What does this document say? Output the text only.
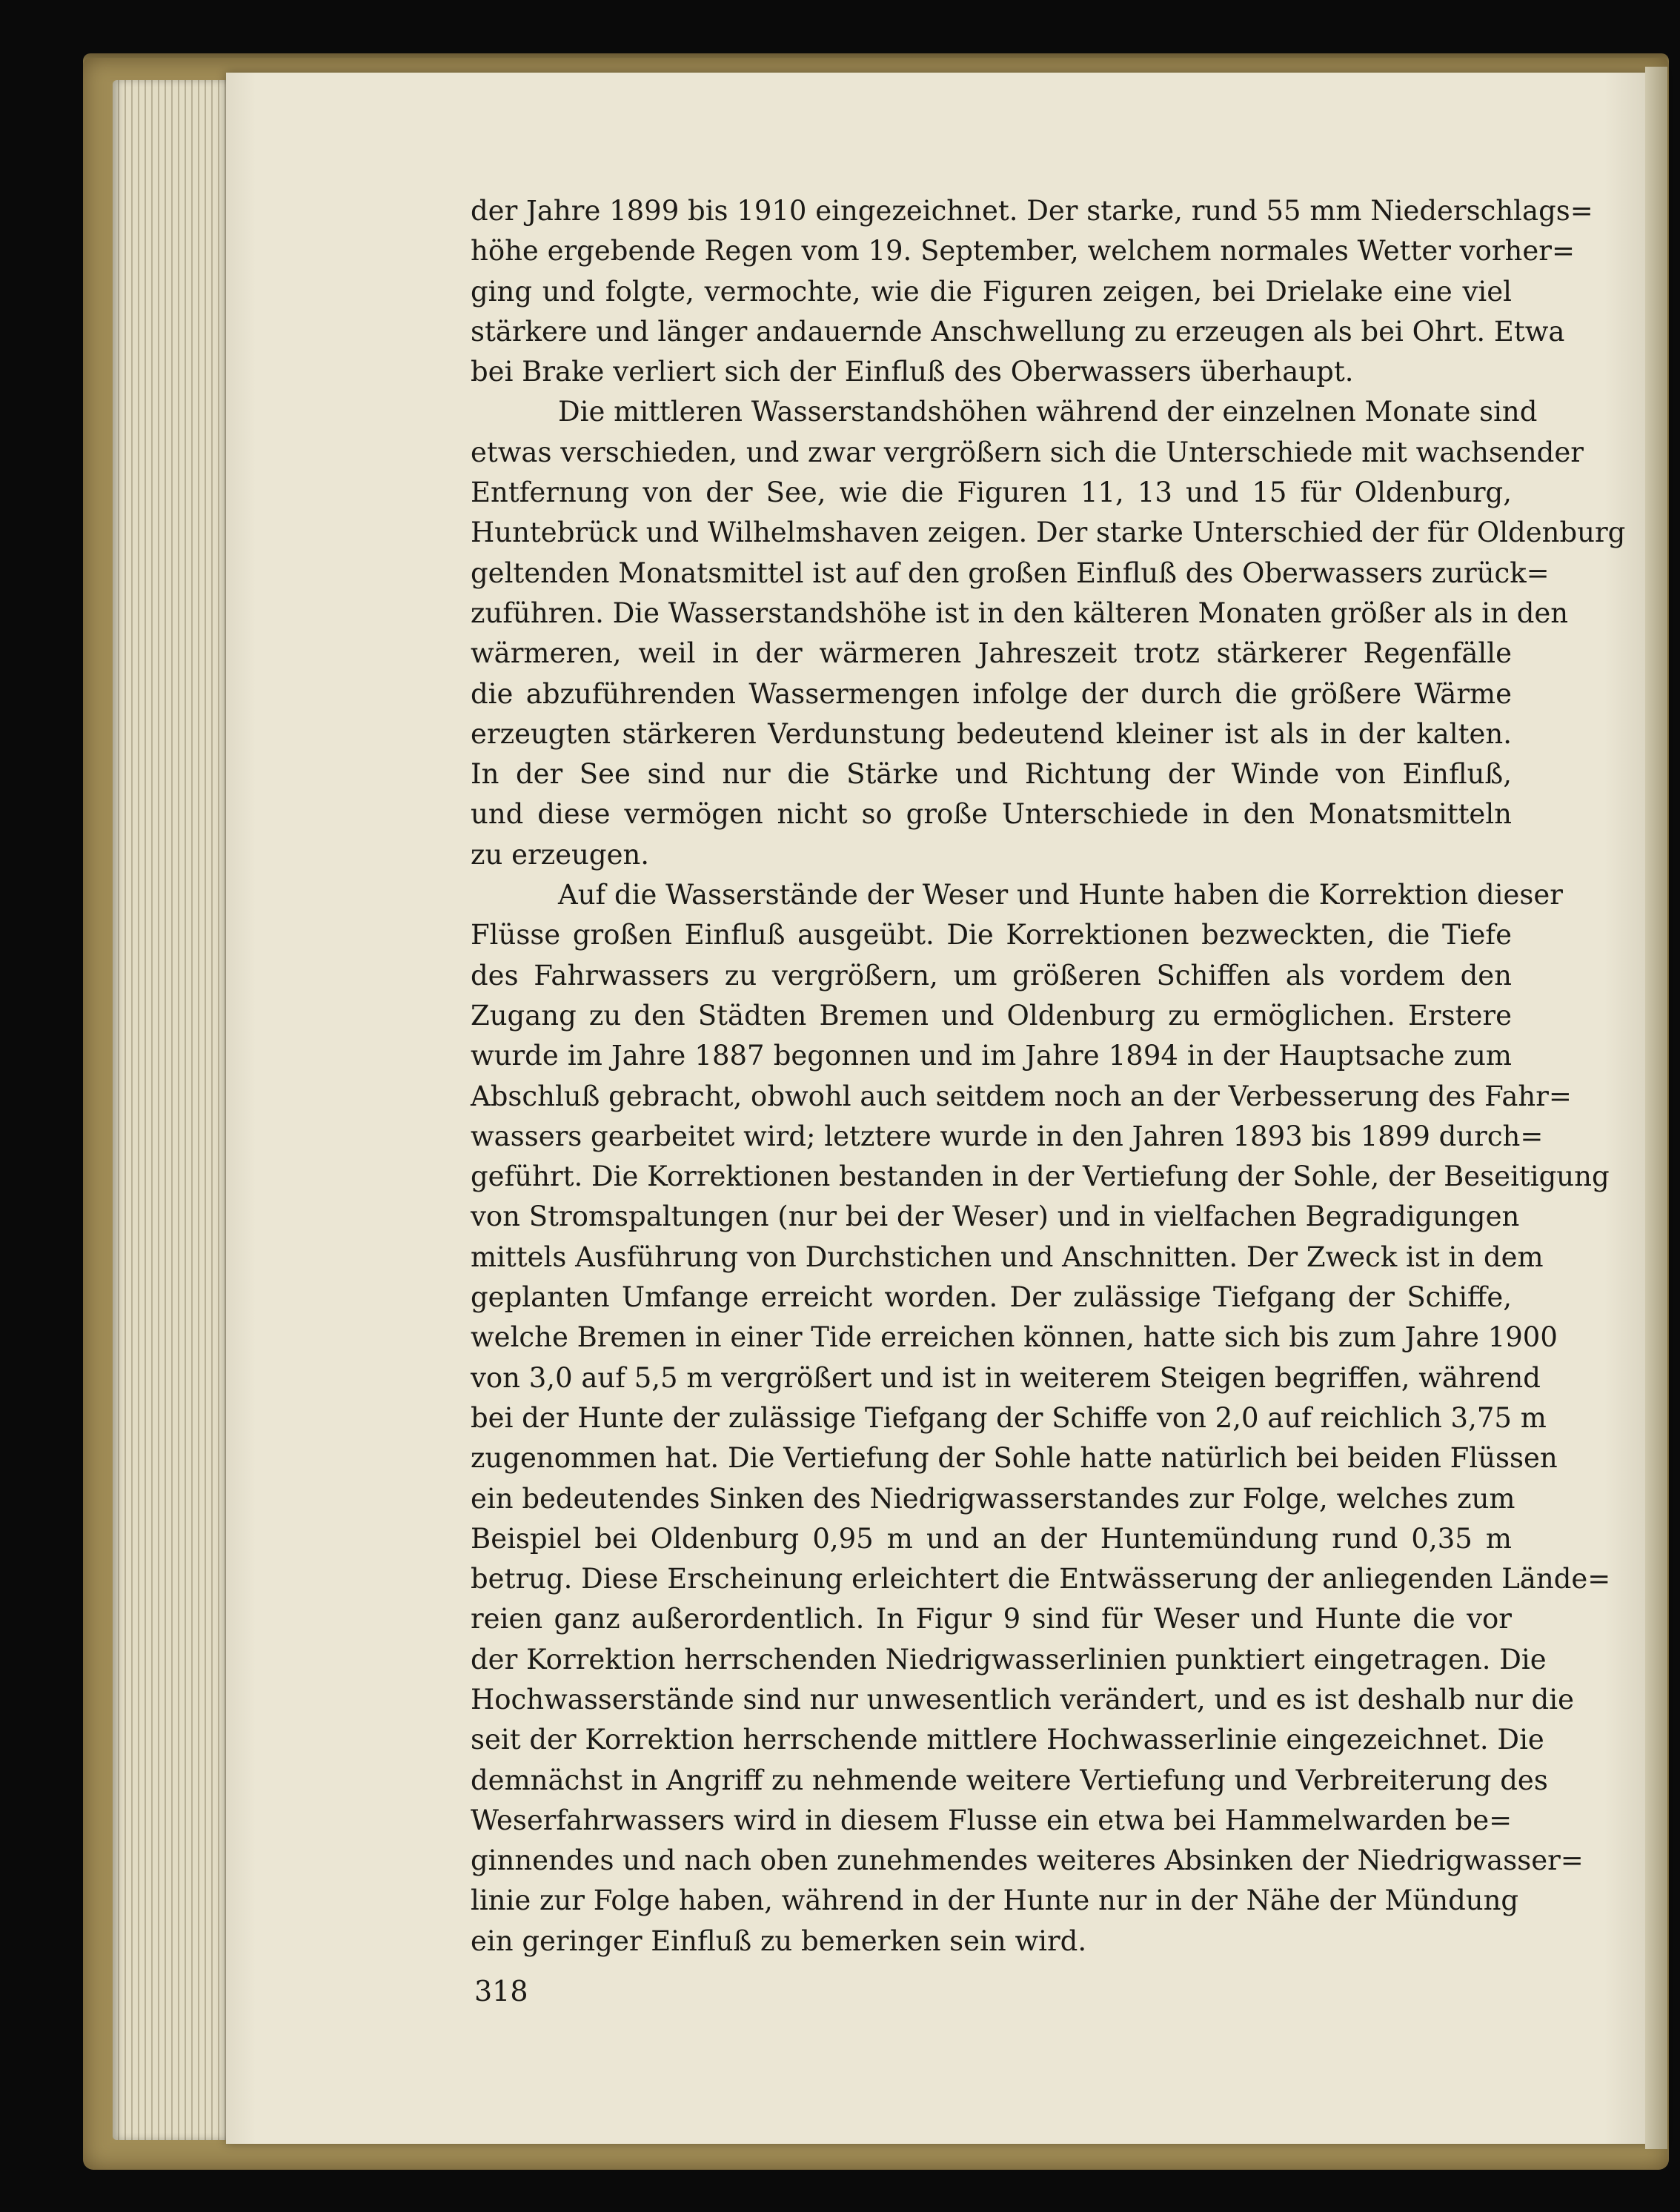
der Jahre 1899 bis 1910 eingezeichnet. Der starke, rund 55 mm Niederschlags=
höhe ergebende Regen vom 19. September, welchem normales Wetter vorher=
ging und folgte, vermochte, wie die Figuren zeigen, bei Drielake eine viel
stärkere und länger andauernde Anschwellung zu erzeugen als bei Ohrt. Etwa
bei Brake verliert sich der Einfluß des Oberwassers überhaupt.
Die mittleren Wasserstandshöhen während der einzelnen Monate sind
etwas verschieden, und zwar vergrößern sich die Unterschiede mit wachsender
Entfernung von der See, wie die Figuren 11, 13 und 15 für Oldenburg,
Huntebrück und Wilhelmshaven zeigen. Der starke Unterschied der für Oldenburg
geltenden Monatsmittel ist auf den großen Einfluß des Oberwassers zurück=
zuführen. Die Wasserstandshöhe ist in den kälteren Monaten größer als in den
wärmeren, weil in der wärmeren Jahreszeit trotz stärkerer Regenfälle
die abzuführenden Wassermengen infolge der durch die größere Wärme
erzeugten stärkeren Verdunstung bedeutend kleiner ist als in der kalten.
In der See sind nur die Stärke und Richtung der Winde von Einfluß,
und diese vermögen nicht so große Unterschiede in den Monatsmitteln
zu erzeugen.
Auf die Wasserstände der Weser und Hunte haben die Korrektion dieser
Flüsse großen Einfluß ausgeübt. Die Korrektionen bezweckten, die Tiefe
des Fahrwassers zu vergrößern, um größeren Schiffen als vordem den
Zugang zu den Städten Bremen und Oldenburg zu ermöglichen. Erstere
wurde im Jahre 1887 begonnen und im Jahre 1894 in der Hauptsache zum
Abschluß gebracht, obwohl auch seitdem noch an der Verbesserung des Fahr=
wassers gearbeitet wird; letztere wurde in den Jahren 1893 bis 1899 durch=
geführt. Die Korrektionen bestanden in der Vertiefung der Sohle, der Beseitigung
von Stromspaltungen (nur bei der Weser) und in vielfachen Begradigungen
mittels Ausführung von Durchstichen und Anschnitten. Der Zweck ist in dem
geplanten Umfange erreicht worden. Der zulässige Tiefgang der Schiffe,
welche Bremen in einer Tide erreichen können, hatte sich bis zum Jahre 1900
von 3,0 auf 5,5 m vergrößert und ist in weiterem Steigen begriffen, während
bei der Hunte der zulässige Tiefgang der Schiffe von 2,0 auf reichlich 3,75 m
zugenommen hat. Die Vertiefung der Sohle hatte natürlich bei beiden Flüssen
ein bedeutendes Sinken des Niedrigwasserstandes zur Folge, welches zum
Beispiel bei Oldenburg 0,95 m und an der Huntemündung rund 0,35 m
betrug. Diese Erscheinung erleichtert die Entwässerung der anliegenden Lände=
reien ganz außerordentlich. In Figur 9 sind für Weser und Hunte die vor
der Korrektion herrschenden Niedrigwasserlinien punktiert eingetragen. Die
Hochwasserstände sind nur unwesentlich verändert, und es ist deshalb nur die
seit der Korrektion herrschende mittlere Hochwasserlinie eingezeichnet. Die
demnächst in Angriff zu nehmende weitere Vertiefung und Verbreiterung des
Weserfahrwassers wird in diesem Flusse ein etwa bei Hammelwarden be=
ginnendes und nach oben zunehmendes weiteres Absinken der Niedrigwasser=
linie zur Folge haben, während in der Hunte nur in der Nähe der Mündung
ein geringer Einfluß zu bemerken sein wird.
318
